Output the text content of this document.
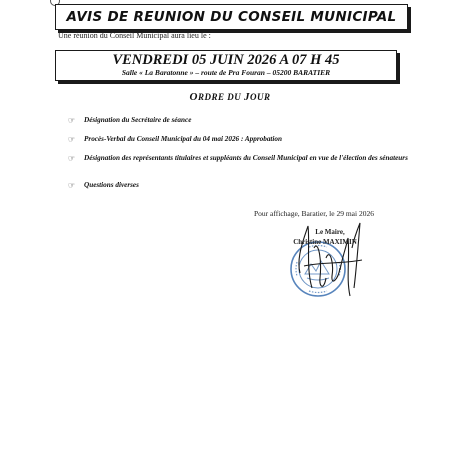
AVIS DE REUNION DU CONSEIL MUNICIPAL
Une réunion du Conseil Municipal aura lieu le :
VENDREDI 05 JUIN 2026 A 07 H 45
Salle « La Baratonne » – route de Pra Fouran – 05200 BARATIER
ORDRE DU JOUR
☞	Désignation du Secrétaire de séance
☞	Procès-Verbal du Conseil Municipal du 04 mai 2026 : Approbation
☞	Désignation des représentants titulaires et suppléants du Conseil Municipal en vue de l'élection des sénateurs
☞	Questions diverses
Pour affichage, Baratier, le 29 mai 2026
Le Maire,
Christine MAXIMIN
